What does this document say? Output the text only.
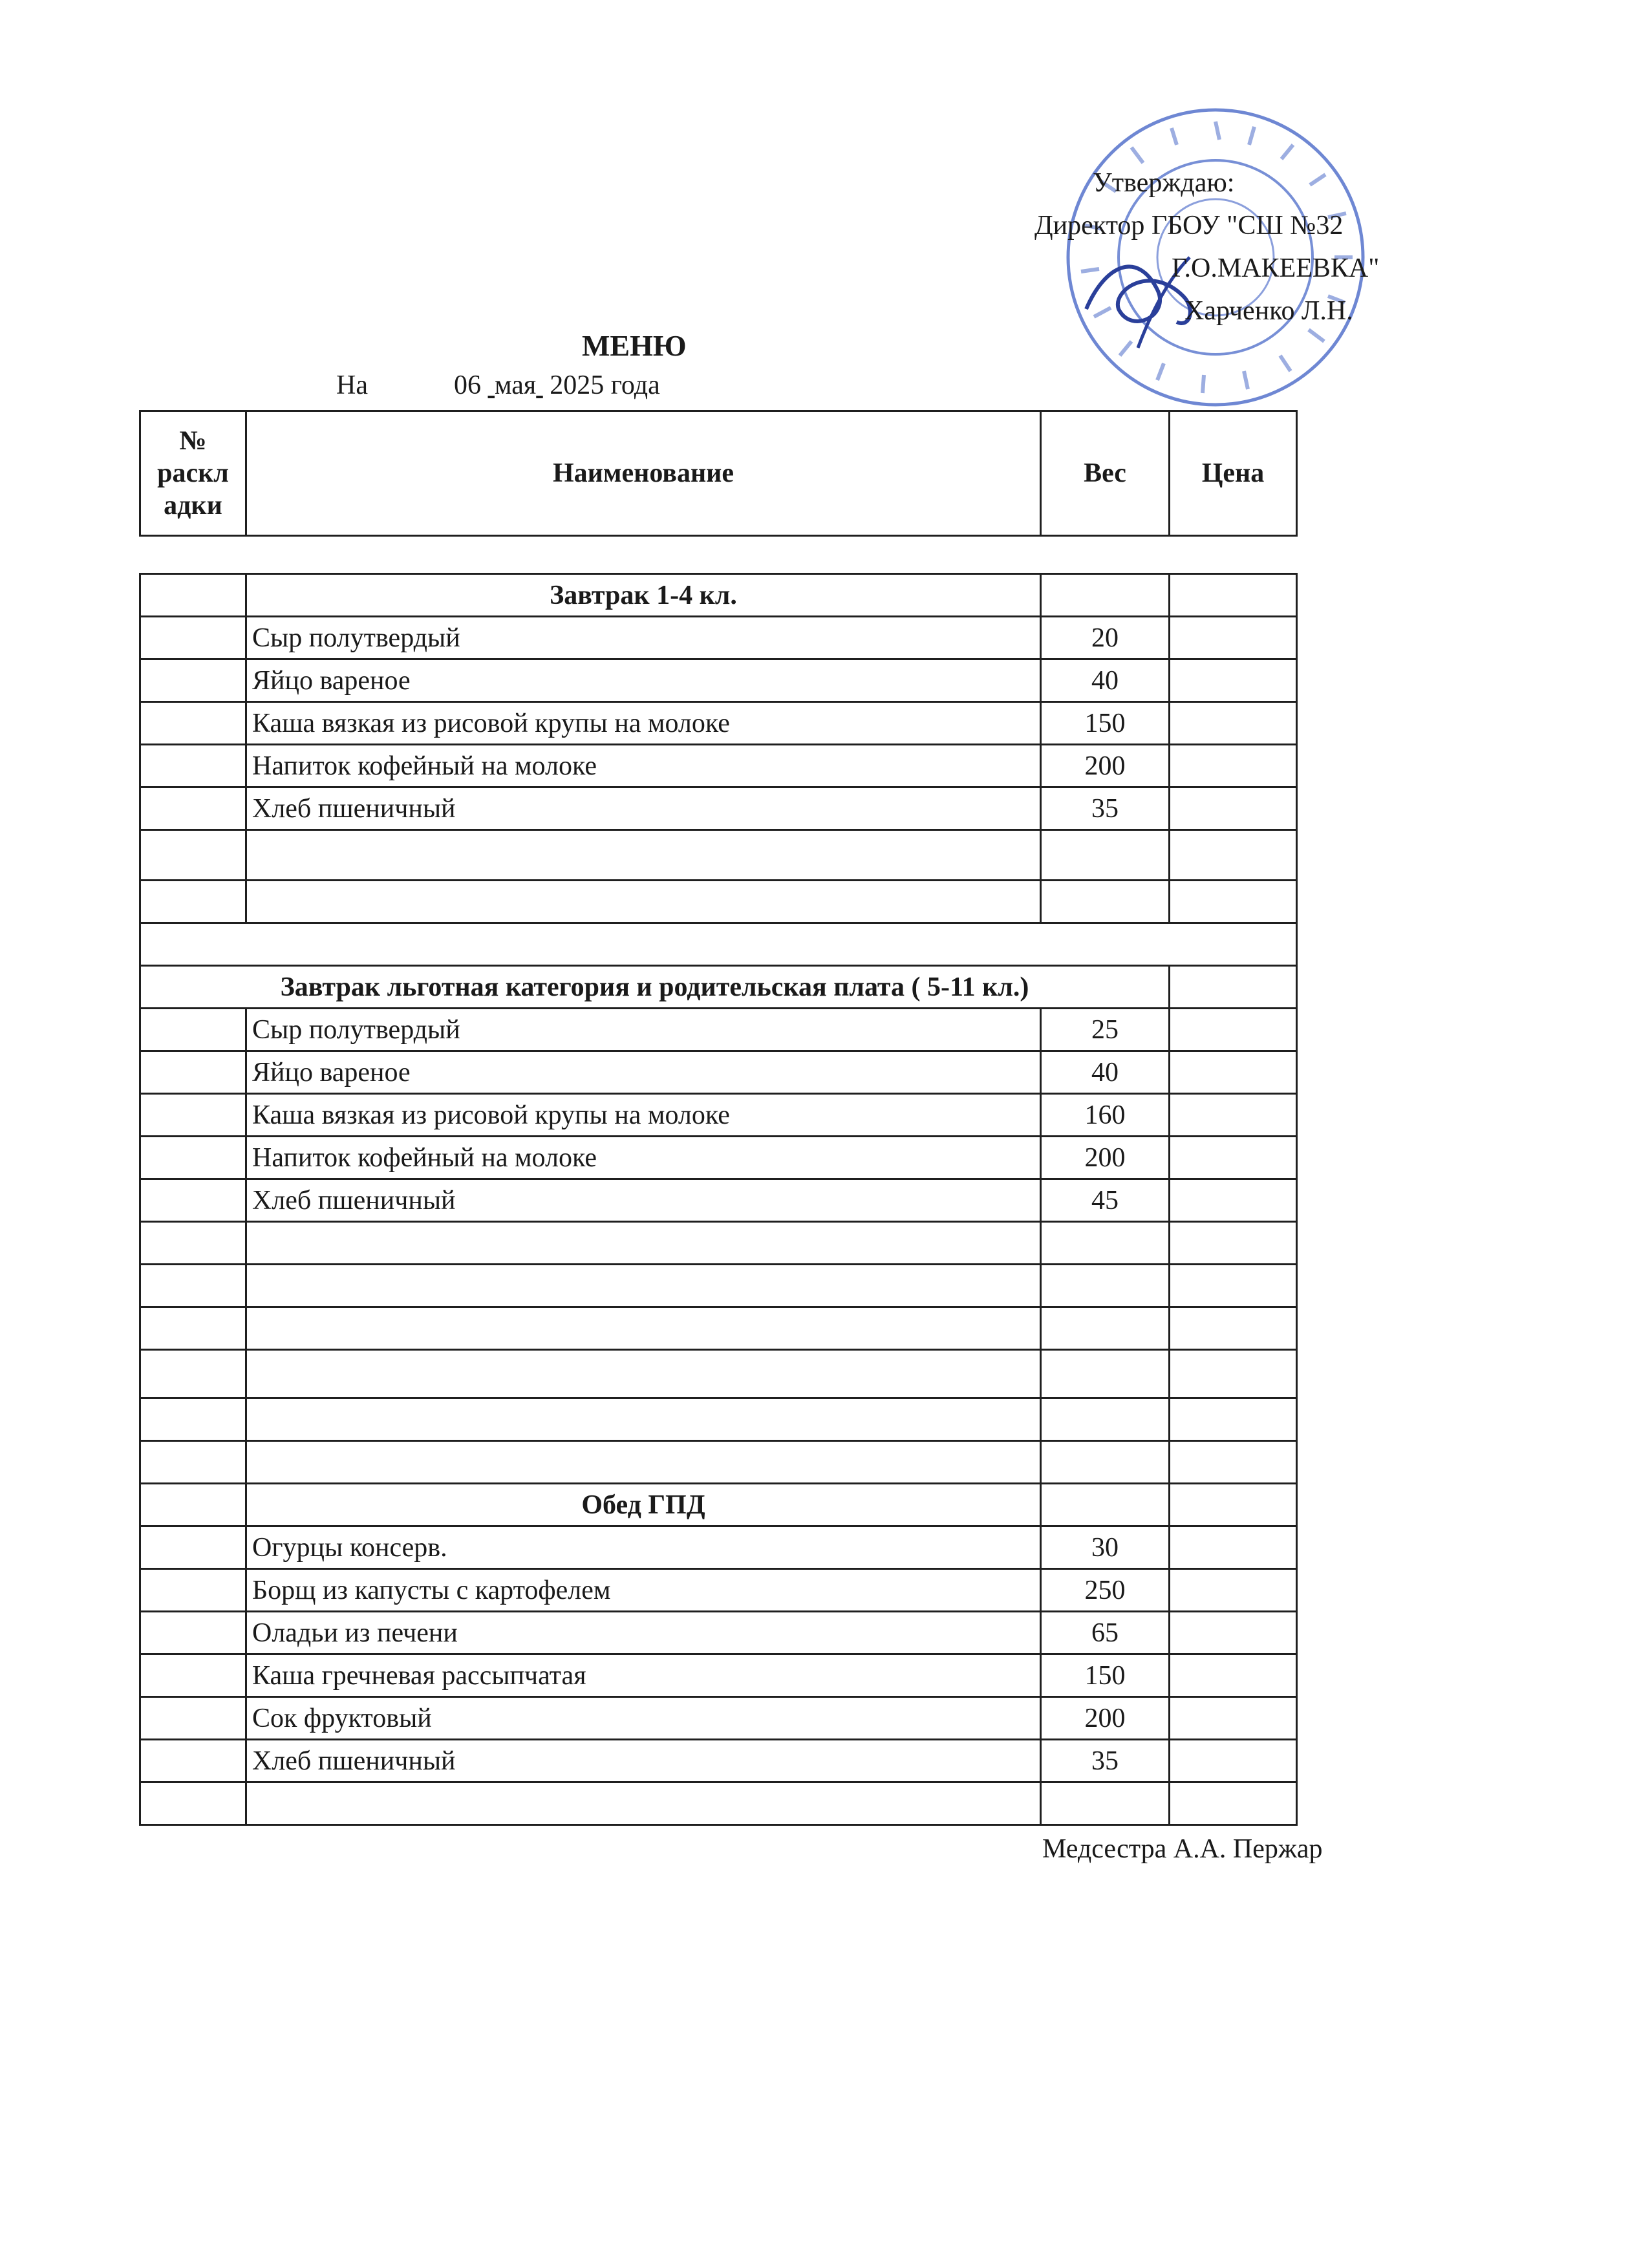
Утверждаю:
Директор ГБОУ "СШ №32
Г.О.МАКЕЕВКА"
Харченко Л.Н.
МЕНЮ
На	06 мая 2025 года
№ раскл адки	Наименование	Вес	Цена
	Завтрак 1-4 кл.		
	Сыр полутвердый	20	
	Яйцо вареное	40	
	Каша вязкая из рисовой крупы на молоке	150	
	Напиток кофейный на молоке	200	
	Хлеб пшеничный	35	

Завтрак льготная категория и родительская плата ( 5-11 кл.)			
	Сыр полутвердый	25	
	Яйцо вареное	40	
	Каша вязкая из рисовой крупы на молоке	160	
	Напиток кофейный на молоке	200	
	Хлеб пшеничный	45	

	Обед ГПД		
	Огурцы консерв.	30	
	Борщ из капусты с картофелем	250	
	Оладьи из печени	65	
	Каша гречневая рассыпчатая	150	
	Сок фруктовый	200	
	Хлеб пшеничный	35	

Медсестра А.А. Пержар
